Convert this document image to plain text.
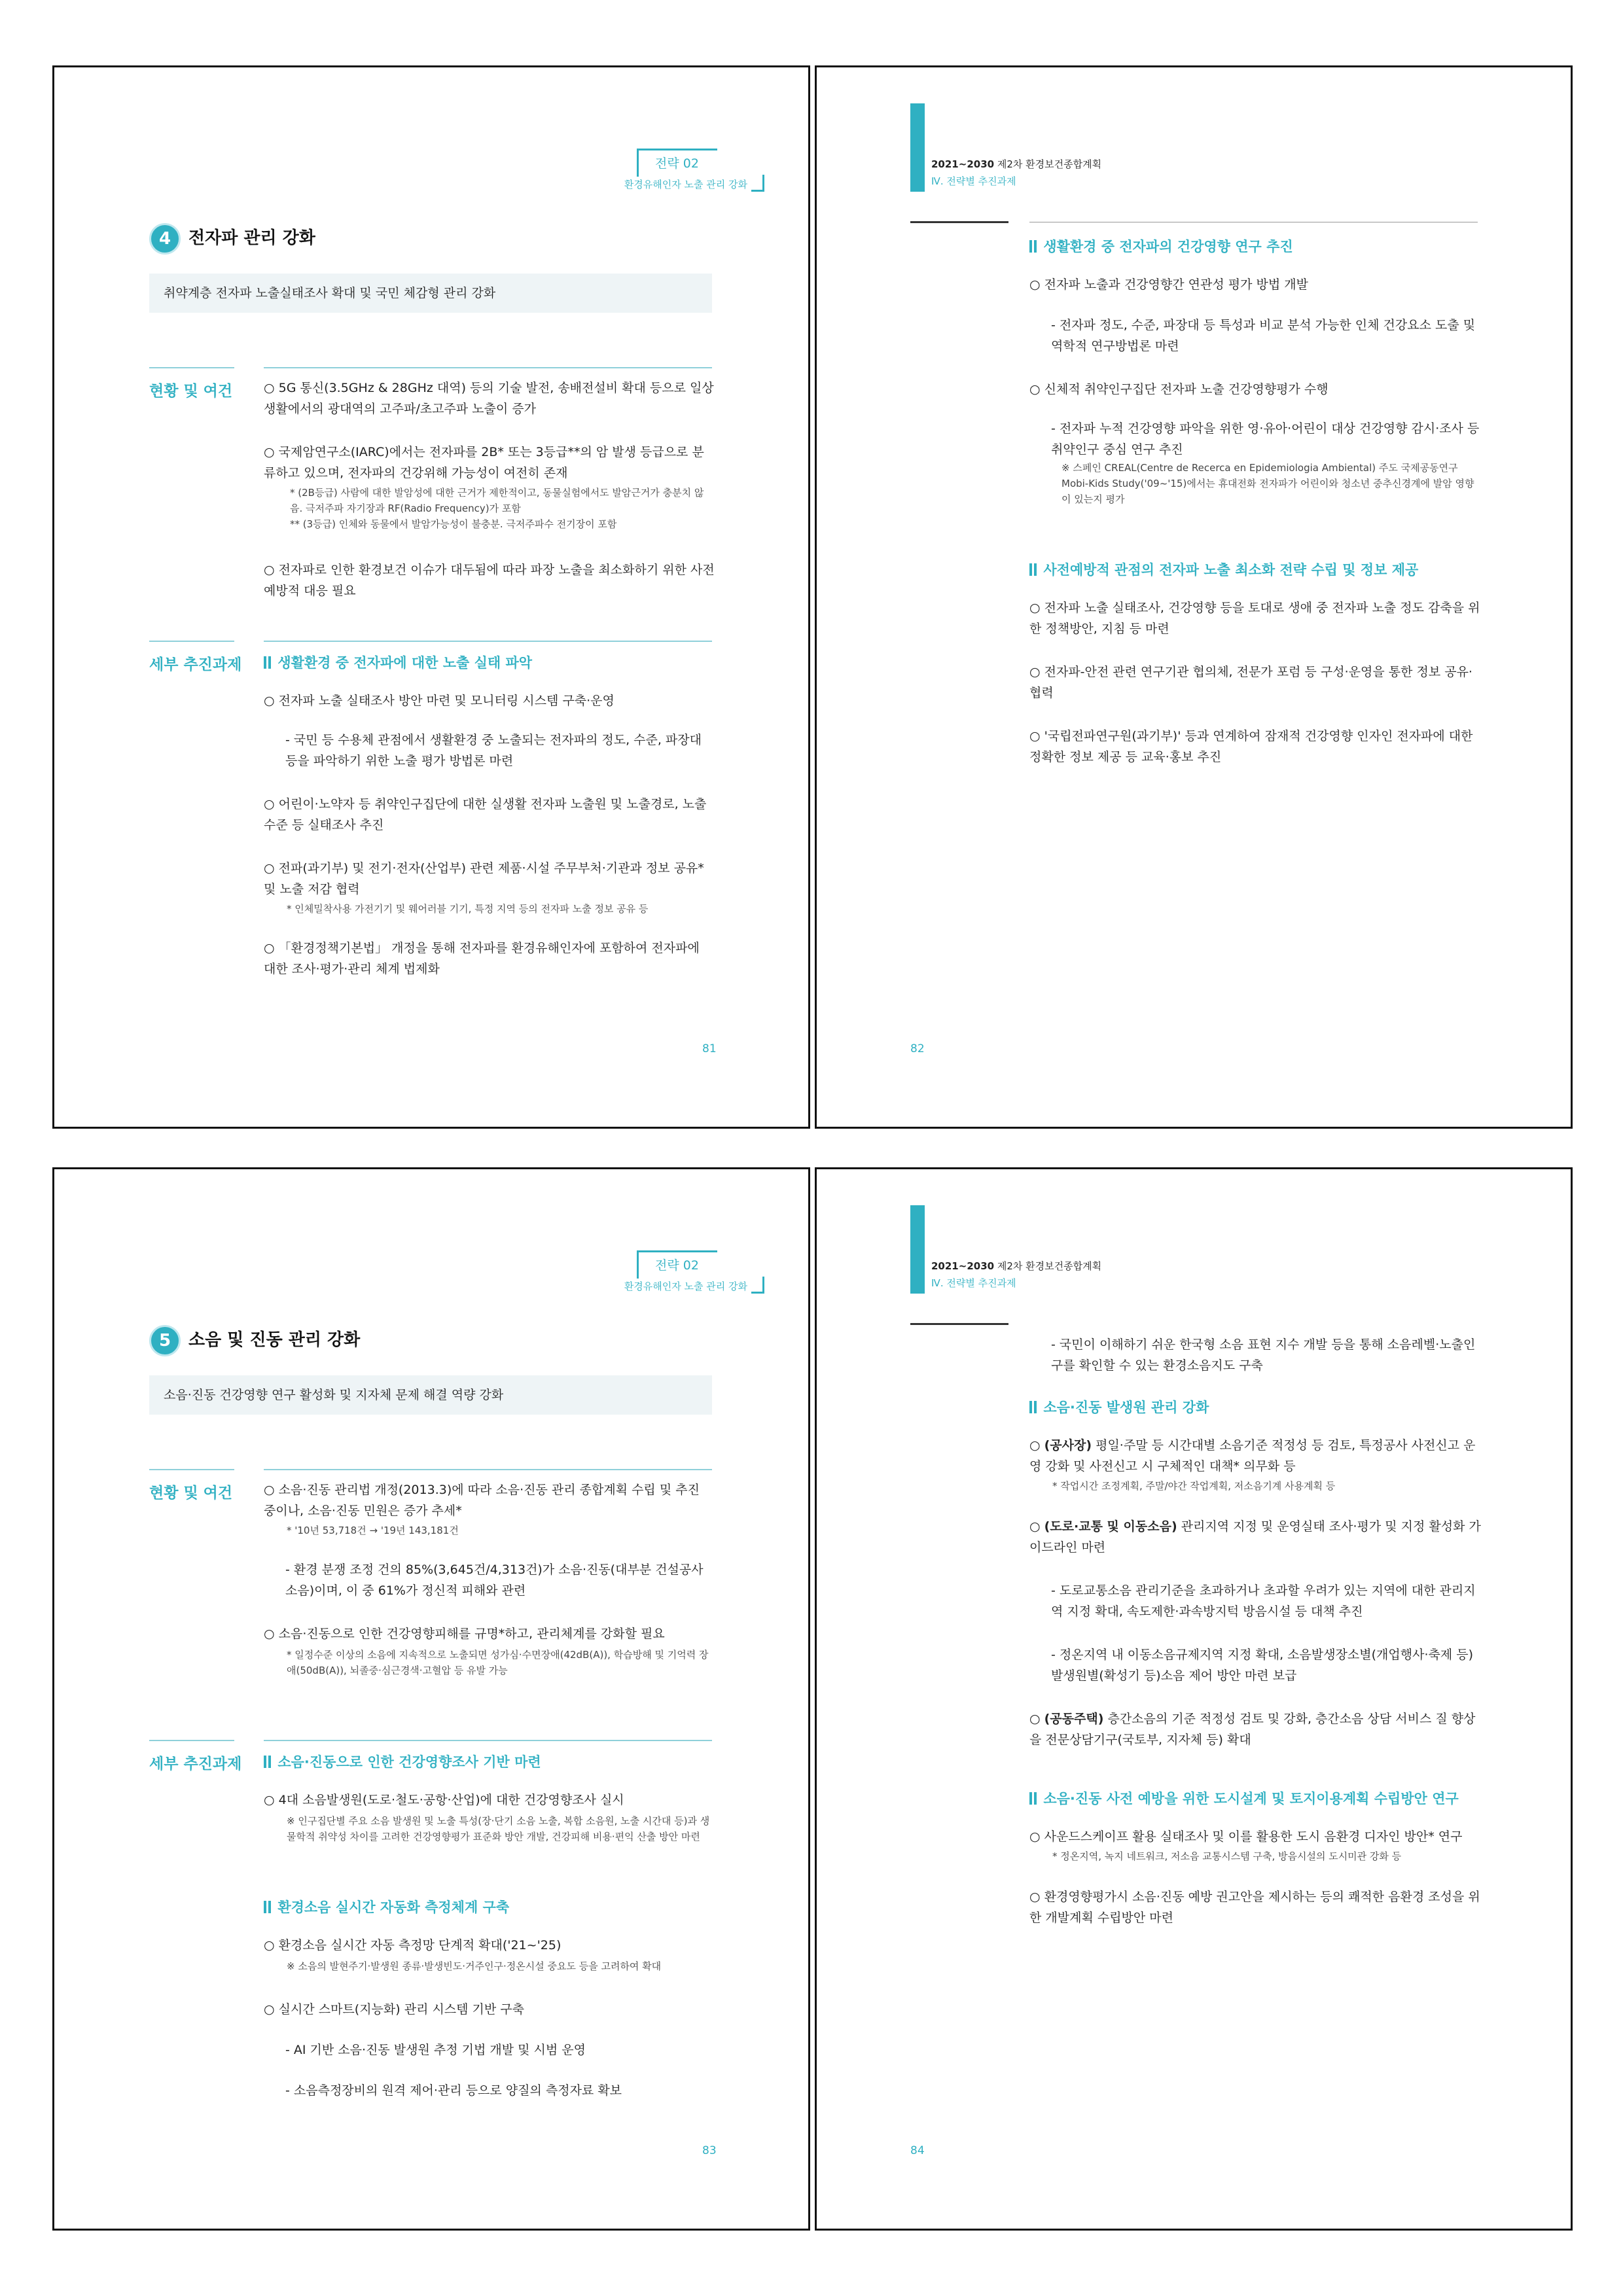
전략 02
환경유해인자 노출 관리 강화
4	전자파 관리 강화
취약계층 전자파 노출실태조사 확대 및 국민 체감형 관리 강화
현황 및 여건	○ 5G 통신(3.5GHz & 28GHz 대역) 등의 기술 발전, 송배전설비 확대 등으로 일상생활에서의 광대역의 고주파/초고주파 노출이 증가
○ 국제암연구소(IARC)에서는 전자파를 2B* 또는 3등급**의 암 발생 등급으로 분류하고 있으며, 전자파의 건강위해 가능성이 여전히 존재
* (2B등급) 사람에 대한 발암성에 대한 근거가 제한적이고, 동물실험에서도 발암근거가 충분치 않음. 극저주파 자기장과 RF(Radio Frequency)가 포함
** (3등급) 인체와 동물에서 발암가능성이 불충분. 극저주파수 전기장이 포함
○ 전자파로 인한 환경보건 이슈가 대두됨에 따라 파장 노출을 최소화하기 위한 사전예방적 대응 필요
세부 추진과제	생활환경 중 전자파에 대한 노출 실태 파악
○ 전자파 노출 실태조사 방안 마련 및 모니터링 시스템 구축·운영
- 국민 등 수용체 관점에서 생활환경 중 노출되는 전자파의 정도, 수준, 파장대 등을 파악하기 위한 노출 평가 방법론 마련
○ 어린이·노약자 등 취약인구집단에 대한 실생활 전자파 노출원 및 노출경로, 노출 수준 등 실태조사 추진
○ 전파(과기부) 및 전기·전자(산업부) 관련 제품·시설 주무부처·기관과 정보 공유* 및 노출 저감 협력
* 인체밀착사용 가전기기 및 웨어러블 기기, 특정 지역 등의 전자파 노출 정보 공유 등
○ 「환경정책기본법」 개정을 통해 전자파를 환경유해인자에 포함하여 전자파에 대한 조사·평가·관리 체계 법제화
81
2021~2030 제2차 환경보건종합계획
Ⅳ. 전략별 추진과제
생활환경 중 전자파의 건강영향 연구 추진
○ 전자파 노출과 건강영향간 연관성 평가 방법 개발
- 전자파 정도, 수준, 파장대 등 특성과 비교 분석 가능한 인체 건강요소 도출 및 역학적 연구방법론 마련
○ 신체적 취약인구집단 전자파 노출 건강영향평가 수행
- 전자파 누적 건강영향 파악을 위한 영·유아·어린이 대상 건강영향 감시·조사 등 취약인구 중심 연구 추진
※ 스페인 CREAL(Centre de Recerca en Epidemiologia Ambiental) 주도 국제공동연구 Mobi-Kids Study('09~'15)에서는 휴대전화 전자파가 어린이와 청소년 중추신경계에 발암 영향이 있는지 평가
사전예방적 관점의 전자파 노출 최소화 전략 수립 및 정보 제공
○ 전자파 노출 실태조사, 건강영향 등을 토대로 생애 중 전자파 노출 정도 감축을 위한 정책방안, 지침 등 마련
○ 전자파-안전 관련 연구기관 협의체, 전문가 포럼 등 구성·운영을 통한 정보 공유·협력
○ '국립전파연구원(과기부)' 등과 연계하여 잠재적 건강영향 인자인 전자파에 대한 정확한 정보 제공 등 교육·홍보 추진
82
전략 02
환경유해인자 노출 관리 강화
5	소음 및 진동 관리 강화
소음·진동 건강영향 연구 활성화 및 지자체 문제 해결 역량 강화
현황 및 여건	○ 소음·진동 관리법 개정(2013.3)에 따라 소음·진동 관리 종합계획 수립 및 추진 중이나, 소음·진동 민원은 증가 추세*
* '10년 53,718건 → '19년 143,181건
- 환경 분쟁 조정 건의 85%(3,645건/4,313건)가 소음·진동(대부분 건설공사 소음)이며, 이 중 61%가 정신적 피해와 관련
○ 소음·진동으로 인한 건강영향피해를 규명*하고, 관리체계를 강화할 필요
* 일정수준 이상의 소음에 지속적으로 노출되면 성가심·수면장애(42dB(A)), 학습방해 및 기억력 장애(50dB(A)), 뇌졸중·심근경색·고혈압 등 유발 가능
세부 추진과제	소음·진동으로 인한 건강영향조사 기반 마련
○ 4대 소음발생원(도로·철도·공항·산업)에 대한 건강영향조사 실시
※ 인구집단별 주요 소음 발생원 및 노출 특성(장·단기 소음 노출, 복합 소음원, 노출 시간대 등)과 생물학적 취약성 차이를 고려한 건강영향평가 표준화 방안 개발, 건강피해 비용·편익 산출 방안 마련
환경소음 실시간 자동화 측정체계 구축
○ 환경소음 실시간 자동 측정망 단계적 확대('21~'25)
※ 소음의 발현주기·발생원 종류·발생빈도·거주인구·정온시설 중요도 등을 고려하여 확대
○ 실시간 스마트(지능화) 관리 시스템 기반 구축
- AI 기반 소음·진동 발생원 추정 기법 개발 및 시범 운영
- 소음측정장비의 원격 제어·관리 등으로 양질의 측정자료 확보
83
2021~2030 제2차 환경보건종합계획
Ⅳ. 전략별 추진과제
- 국민이 이해하기 쉬운 한국형 소음 표현 지수 개발 등을 통해 소음레벨·노출인구를 확인할 수 있는 환경소음지도 구축
소음·진동 발생원 관리 강화
○ (공사장) 평일·주말 등 시간대별 소음기준 적정성 등 검토, 특정공사 사전신고 운영 강화 및 사전신고 시 구체적인 대책* 의무화 등
* 작업시간 조정계획, 주말/야간 작업계획, 저소음기계 사용계획 등
○ (도로·교통 및 이동소음) 관리지역 지정 및 운영실태 조사·평가 및 지정 활성화 가이드라인 마련
- 도로교통소음 관리기준을 초과하거나 초과할 우려가 있는 지역에 대한 관리지역 지정 확대, 속도제한·과속방지턱 방음시설 등 대책 추진
- 정온지역 내 이동소음규제지역 지정 확대, 소음발생장소별(개업행사·축제 등) 발생원별(확성기 등)소음 제어 방안 마련 보급
○ (공동주택) 층간소음의 기준 적정성 검토 및 강화, 층간소음 상담 서비스 질 향상을 전문상담기구(국토부, 지자체 등) 확대
소음·진동 사전 예방을 위한 도시설계 및 토지이용계획 수립방안 연구
○ 사운드스케이프 활용 실태조사 및 이를 활용한 도시 음환경 디자인 방안* 연구
* 정온지역, 녹지 네트워크, 저소음 교통시스템 구축, 방음시설의 도시미관 강화 등
○ 환경영향평가시 소음·진동 예방 권고안을 제시하는 등의 쾌적한 음환경 조성을 위한 개발계획 수립방안 마련
84
